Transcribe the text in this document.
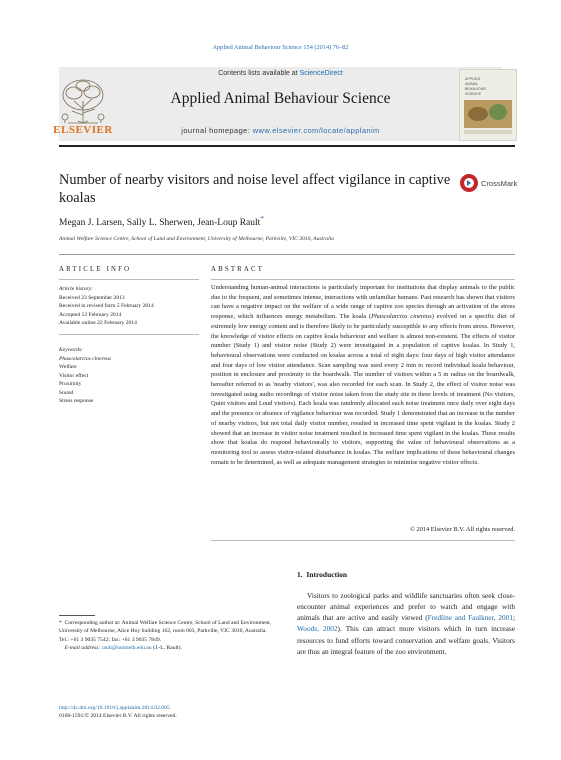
Applied Animal Behaviour Science 154 (2014) 76–82
Contents lists available at ScienceDirect
Applied Animal Behaviour Science
journal homepage: www.elsevier.com/locate/applanim
ELSEVIER
APPLIED
ANIMAL
BEHAVIOUR
SCIENCE
Number of nearby visitors and noise level affect vigilance in captive koalas
CrossMark
Megan J. Larsen, Sally L. Sherwen, Jean-Loup Rault*
Animal Welfare Science Centre, School of Land and Environment, University of Melbourne, Parkville, VIC 3010, Australia
ARTICLE INFO
Article history:
Received 23 September 2013
Received in revised form 5 February 2014
Accepted 12 February 2014
Available online 22 February 2014
Keywords:
Phascolarctos cinereus
Welfare
Visitor effect
Proximity
Sound
Stress response
ABSTRACT
Understanding human-animal interactions is particularly important for institutions that display animals to the public due to the frequent, and sometimes intense, interactions with unfamiliar humans. Past research has shown that visitors can have a negative impact on the welfare of a wide range of captive zoo species through an activation of the stress response, which influences energy metabolism. The koala (Phascolarctos cinereus) evolved on a specific diet of extremely low energy content and is therefore likely to be particularly susceptible to any effects from stress. However, the knowledge of visitor effects on captive koala behaviour and welfare is almost non-existent. The effects of visitor number (Study 1) and visitor noise (Study 2) were investigated in a population of captive koalas. In Study 1, behavioural observations were conducted on koalas across a total of eight days: four days of high visitor attendance and four days of low visitor attendance. Scan sampling was used every 2 min to record individual koala behaviour, position in enclosure and proximity to the boardwalk. The number of visitors within a 5 m radius on the boardwalk, hereafter referred to as 'nearby visitors', was also recorded for each scan. In Study 2, the effect of visitor noise was investigated using audio recordings of visitor noise taken from the study site in three levels of treatment (No visitors, Quiet visitors and Loud visitors). Each koala was randomly allocated each noise treatment once daily over eight days and the presence or absence of vigilance behaviour was recorded. Study 1 demonstrated that an increase in the number of nearby visitors, but not total daily visitor number, resulted in increased time spent vigilant in the koalas. Study 2 showed that an increase in visitor noise treatment resulted in increased time spent vigilant in the koalas. These results show that koalas do respond behaviourally to visitors, supporting the value of behavioural observations as a monitoring tool to assess visitor-related disturbance in koalas. The welfare implications of these behavioural changes remain to be determined, as well as adequate management strategies to minimise negative visitor effects.
© 2014 Elsevier B.V. All rights reserved.
1. Introduction
Visitors to zoological parks and wildlife sanctuaries often seek close-encounter animal experiences and prefer to watch and engage with animals that are active and easily viewed (Fredline and Faulkner, 2001; Woods, 2002). This can attract more visitors which in turn increase resources to fund efforts toward conservation and welfare goals. Visitors are thus an integral feature of the zoo environment.
* Corresponding author at: Animal Welfare Science Centre, School of Land and Environment, University of Melbourne, Alice Hoy building 162, room 003, Parkville, VIC 3010, Australia. Tel.: +61 3 9035 7542; fax: +61 3 9035 7849.
E-mail address: rault@unimelb.edu.au (J.-L. Rault).
http://dx.doi.org/10.1016/j.applanim.2014.02.005
0168-1591/© 2014 Elsevier B.V. All rights reserved.
